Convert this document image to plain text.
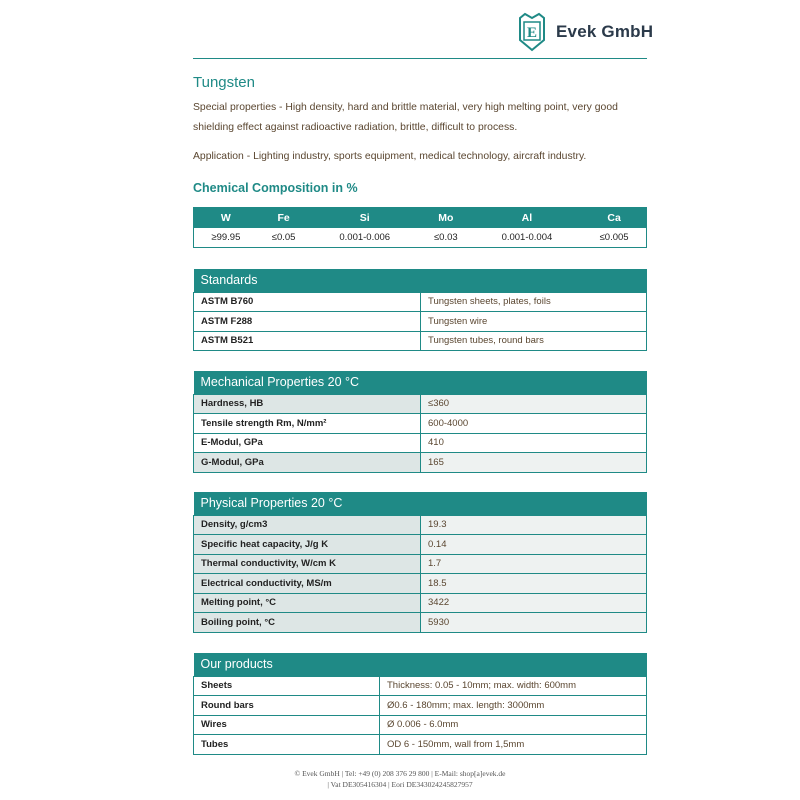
E Evek GmbH
Tungsten
Special properties - High density, hard and brittle material, very high melting point, very good shielding effect against radioactive radiation, brittle, difficult to process.
Application - Lighting industry, sports equipment, medical technology, aircraft industry.
Chemical Composition in %
W	Fe	Si	Mo	Al	Ca
≥99.95	≤0.05	0.001-0.006	≤0.03	0.001-0.004	≤0.005
Standards	
ASTM B760	Tungsten sheets, plates, foils
ASTM F288	Tungsten wire
ASTM B521	Tungsten tubes, round bars
Mechanical Properties 20 °C	
Hardness, HB	≤360
Tensile strength Rm, N/mm²	600-4000
E-Modul, GPa	410
G-Modul, GPa	165
Physical Properties 20 °C	
Density, g/cm3	19.3
Specific heat capacity, J/g K	0.14
Thermal conductivity, W/cm K	1.7
Electrical conductivity, MS/m	18.5
Melting point, °C	3422
Boiling point, °C	5930
Our products	
Sheets	Thickness: 0.05 - 10mm; max. width: 600mm
Round bars	Ø0.6 - 180mm; max. length: 3000mm
Wires	Ø 0.006 - 6.0mm
Tubes	OD 6 - 150mm, wall from 1,5mm
© Evek GmbH | Tel: +49 (0) 208 376 29 800 | E-Mail: shop[a]evek.de
| Vat DE305416304 | Eori DE343024245827957
